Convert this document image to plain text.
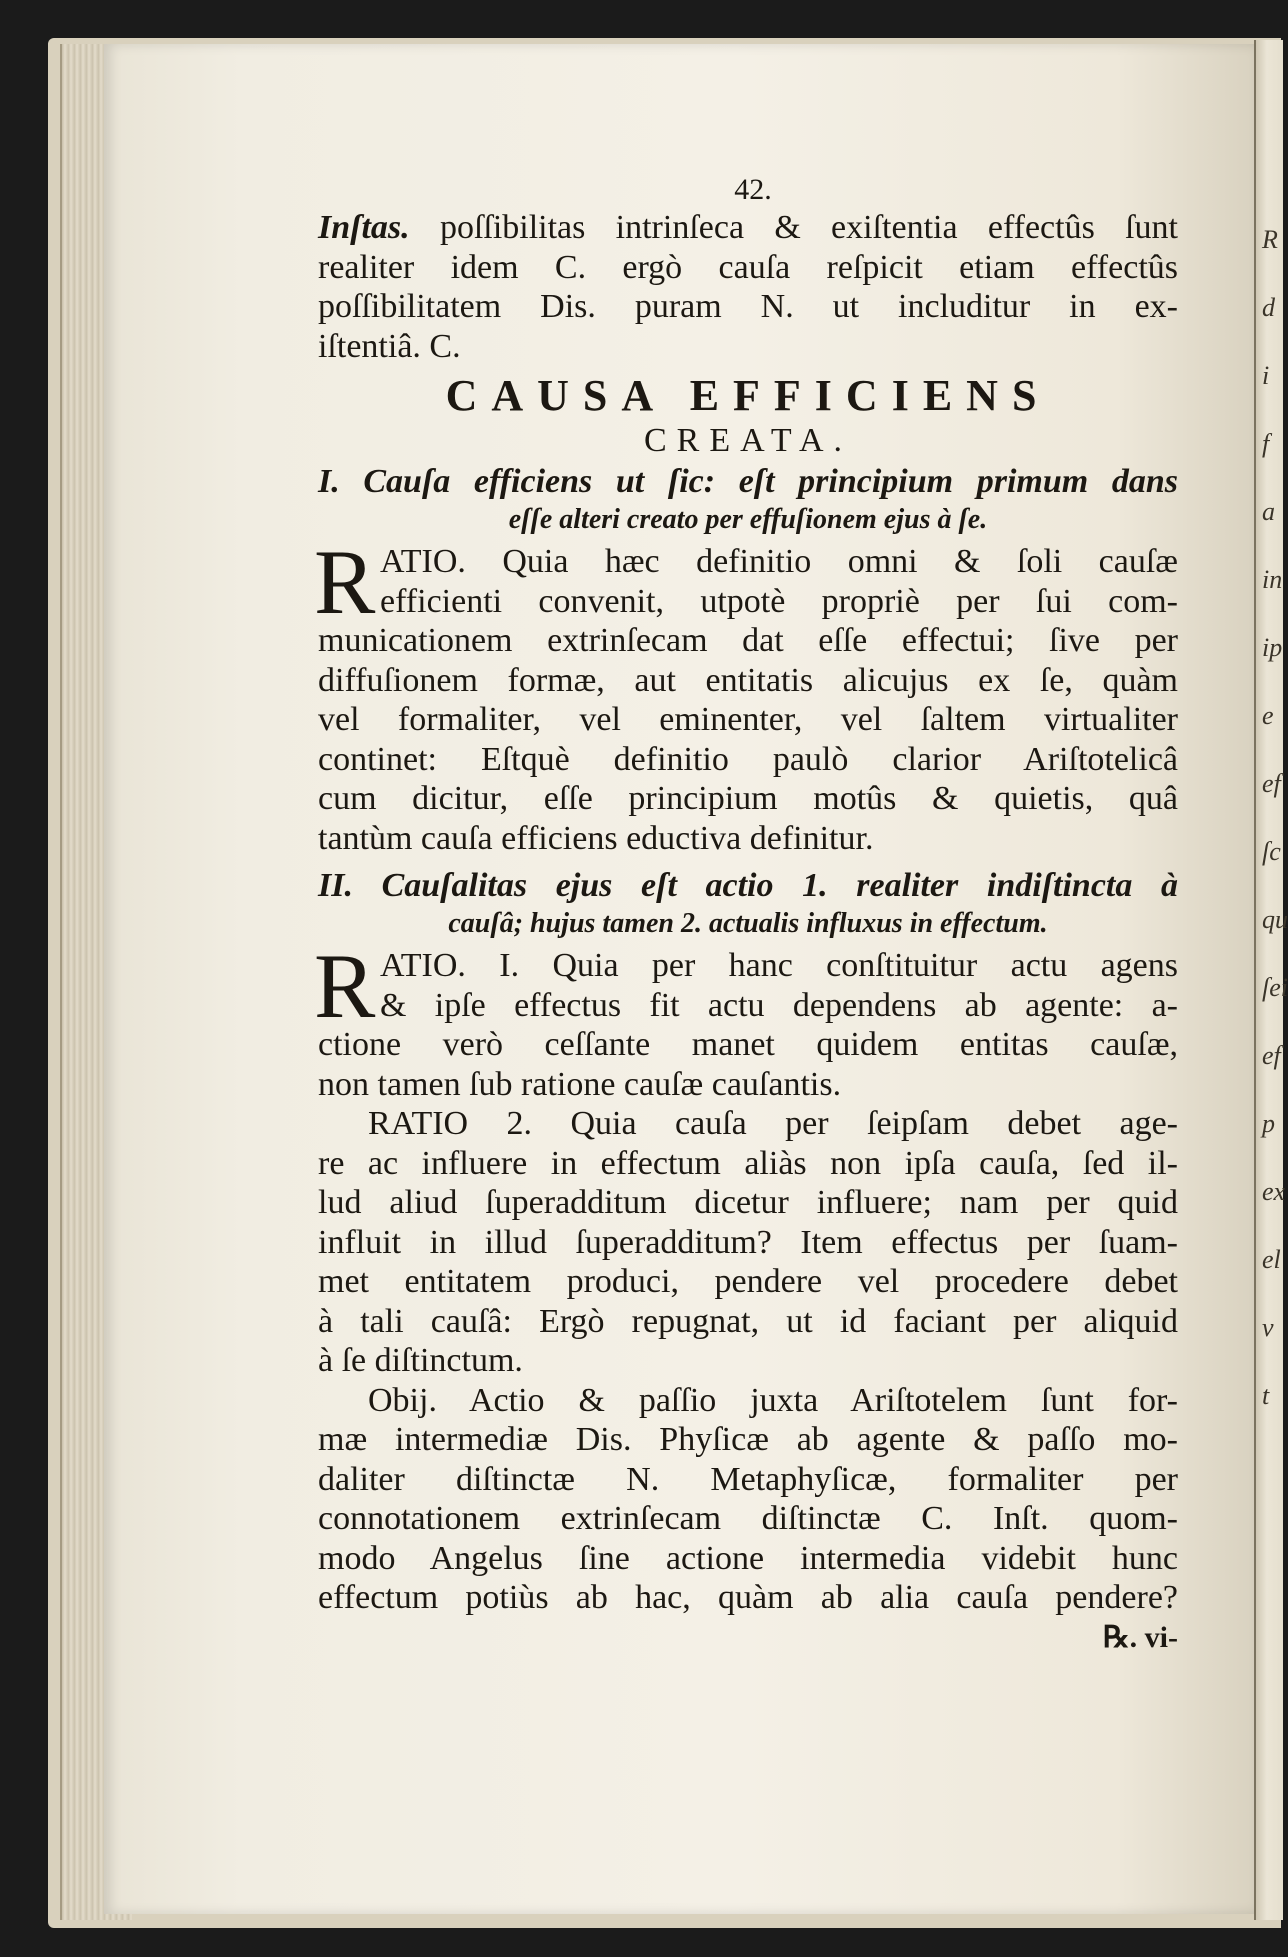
R
d
i
f
a
in
ip
e
ef
ſc
qu
ſei
ef
p
ex
el
v
t
42.
Inſtas. poſſibilitas intrinſeca & exiſtentia effectûs ſunt
realiter idem C. ergò cauſa reſpicit etiam effectûs
poſſibilitatem Dis. puram N. ut includitur in ex-
iſtentiâ. C.
CAUSA EFFICIENS
CREATA.
I. Cauſa efficiens ut ſic: eſt principium primum dans
eſſe alteri creato per effuſionem ejus à ſe.
R ATIO. Quia hæc definitio omni & ſoli cauſæ
efficienti convenit, utpotè propriè per ſui com-
municationem extrinſecam dat eſſe effectui; ſive per
diffuſionem formæ, aut entitatis alicujus ex ſe, quàm
vel formaliter, vel eminenter, vel ſaltem virtualiter
continet: Eſtquè definitio paulò clarior Ariſtotelicâ
cum dicitur, eſſe principium motûs & quietis, quâ
tantùm cauſa efficiens eductiva definitur.
II. Cauſalitas ejus eſt actio 1. realiter indiſtincta à
cauſâ; hujus tamen 2. actualis influxus in effectum.
R ATIO. I. Quia per hanc conſtituitur actu agens
& ipſe effectus fit actu dependens ab agente: a-
ctione verò ceſſante manet quidem entitas cauſæ,
non tamen ſub ratione cauſæ cauſantis.
RATIO 2. Quia cauſa per ſeipſam debet age-
re ac influere in effectum aliàs non ipſa cauſa, ſed il-
lud aliud ſuperadditum dicetur influere; nam per quid
influit in illud ſuperadditum? Item effectus per ſuam-
met entitatem produci, pendere vel procedere debet
à tali cauſâ: Ergò repugnat, ut id faciant per aliquid
à ſe diſtinctum.
Obij. Actio & paſſio juxta Ariſtotelem ſunt for-
mæ intermediæ Dis. Phyſicæ ab agente & paſſo mo-
daliter diſtinctæ N. Metaphyſicæ, formaliter per
connotationem extrinſecam diſtinctæ C. Inſt. quom-
modo Angelus ſine actione intermedia videbit hunc
effectum potiùs ab hac, quàm ab alia cauſa pendere?
℞. vi-
